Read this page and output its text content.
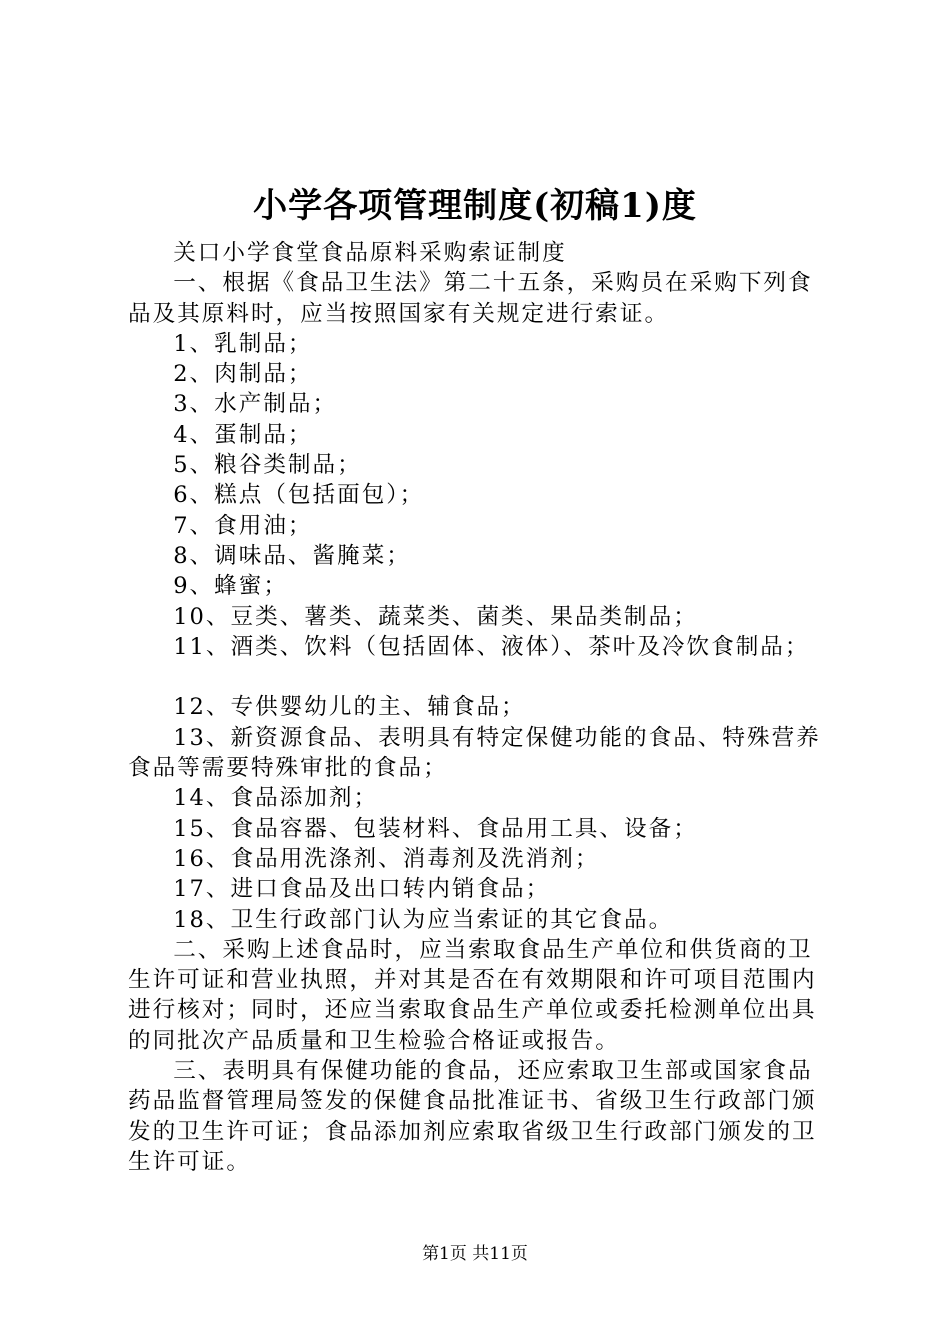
小学各项管理制度(初稿1)度

关口小学食堂食品原料采购索证制度

一、根据《食品卫生法》第二十五条，采购员在采购下列食品及其原料时，应当按照国家有关规定进行索证。

1、乳制品；

2、肉制品；

3、水产制品；

4、蛋制品；

5、粮谷类制品；

6、糕点（包括面包）；

7、食用油；

8、调味品、酱腌菜；

9、蜂蜜；

10、豆类、薯类、蔬菜类、菌类、果品类制品；

11、酒类、饮料（包括固体、液体）、茶叶及冷饮食制品；

12、专供婴幼儿的主、辅食品；

13、新资源食品、表明具有特定保健功能的食品、特殊营养食品等需要特殊审批的食品；

14、食品添加剂；

15、食品容器、包装材料、食品用工具、设备；

16、食品用洗涤剂、消毒剂及洗消剂；

17、进口食品及出口转内销食品；

18、卫生行政部门认为应当索证的其它食品。

二、采购上述食品时，应当索取食品生产单位和供货商的卫生许可证和营业执照，并对其是否在有效期限和许可项目范围内进行核对；同时，还应当索取食品生产单位或委托检测单位出具的同批次产品质量和卫生检验合格证或报告。

三、表明具有保健功能的食品，还应索取卫生部或国家食品药品监督管理局签发的保健食品批准证书、省级卫生行政部门颁发的卫生许可证；食品添加剂应索取省级卫生行政部门颁发的卫生许可证。

第1页 共11页
